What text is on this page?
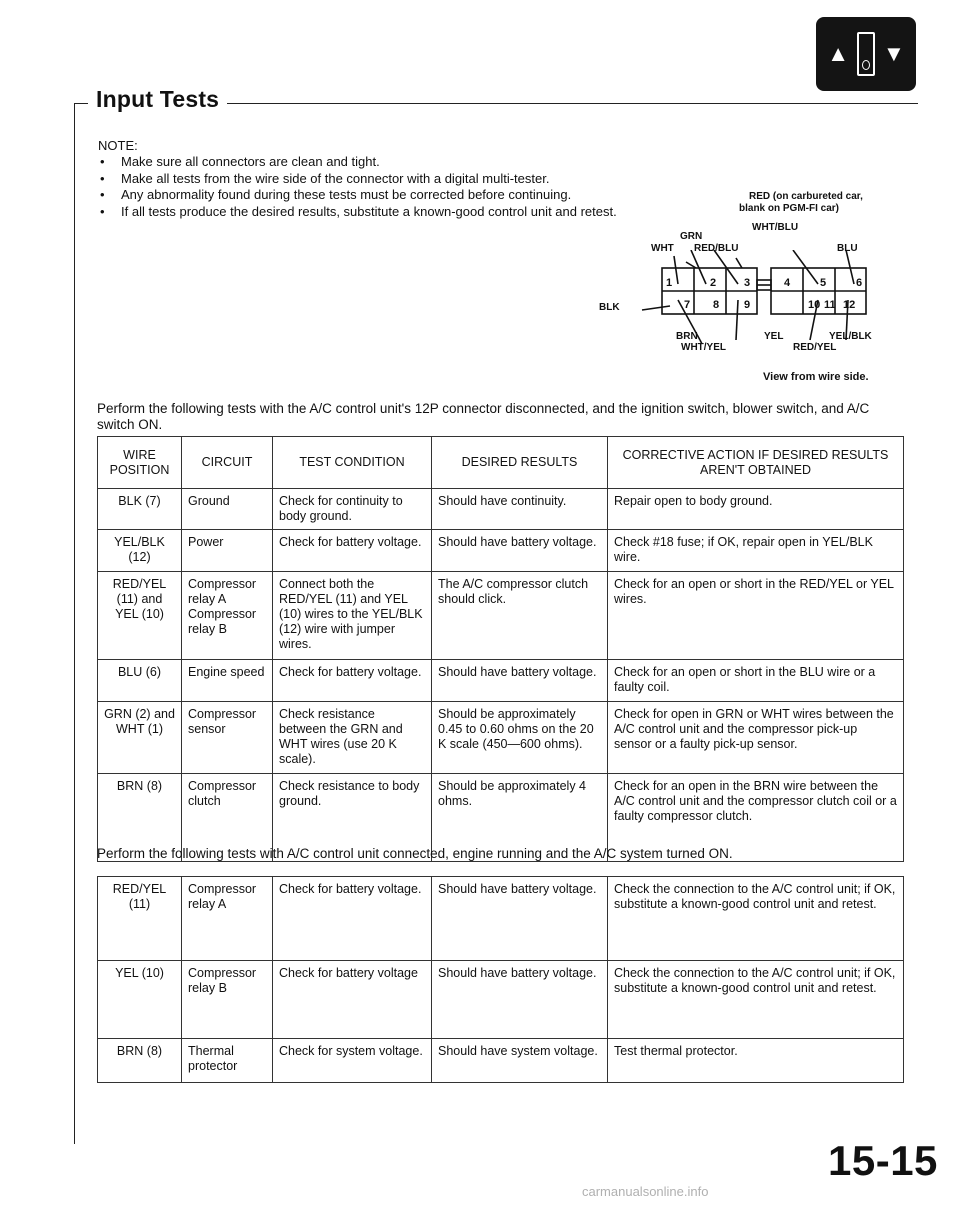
▲ ▼
Input Tests
NOTE:
• Make sure all connectors are clean and tight.
• Make all tests from the wire side of the connector with a digital multi-tester.
• Any abnormality found during these tests must be corrected before continuing.
• If all tests produce the desired results, substitute a known-good control unit and retest.
RED (on carbureted car,
blank on PGM-FI car)
WHT/BLU
GRN
WHT RED/BLU	BLU
1	2	3	4	5	6
7 8 9	10 11 12
BLK
BRN	YEL	YEL/BLK
WHT/YEL	RED/YEL
View from wire side.
Perform the following tests with the A/C control unit's 12P connector disconnected, and the ignition switch, blower switch, and A/C switch ON.
WIRE POSITION	CIRCUIT	TEST CONDITION	DESIRED RESULTS	CORRECTIVE ACTION IF DESIRED RESULTS AREN'T OBTAINED
BLK (7)	Ground	Check for continuity to body ground.	Should have continuity.	Repair open to body ground.
YEL/BLK (12)	Power	Check for battery voltage.	Should have battery voltage.	Check #18 fuse; if OK, repair open in YEL/BLK wire.
RED/YEL (11) and YEL (10)	Compressor relay A Compressor relay B	Connect both the RED/YEL (11) and YEL (10) wires to the YEL/BLK (12) wire with jumper wires.	The A/C compressor clutch should click.	Check for an open or short in the RED/YEL or YEL wires.
BLU (6)	Engine speed	Check for battery voltage.	Should have battery voltage.	Check for an open or short in the BLU wire or a faulty coil.
GRN (2) and WHT (1)	Compressor sensor	Check resistance between the GRN and WHT wires (use 20 K scale).	Should be approximately 0.45 to 0.60 ohms on the 20 K scale (450—600 ohms).	Check for open in GRN or WHT wires between the A/C control unit and the compressor pick-up sensor or a faulty pick-up sensor.
BRN (8)	Compressor clutch	Check resistance to body ground.	Should be approximately 4 ohms.	Check for an open in the BRN wire between the A/C control unit and the compressor clutch coil or a faulty compressor clutch.
Perform the following tests with A/C control unit connected, engine running and the A/C system turned ON.
RED/YEL (11)	Compressor relay A	Check for battery voltage.	Should have battery voltage.	Check the connection to the A/C control unit; if OK, substitute a known-good control unit and retest.
YEL (10)	Compressor relay B	Check for battery voltage	Should have battery voltage.	Check the connection to the A/C control unit; if OK, substitute a known-good control unit and retest.
BRN (8)	Thermal protector	Check for system voltage.	Should have system voltage.	Test thermal protector.
15-15
carmanualsonline.info
